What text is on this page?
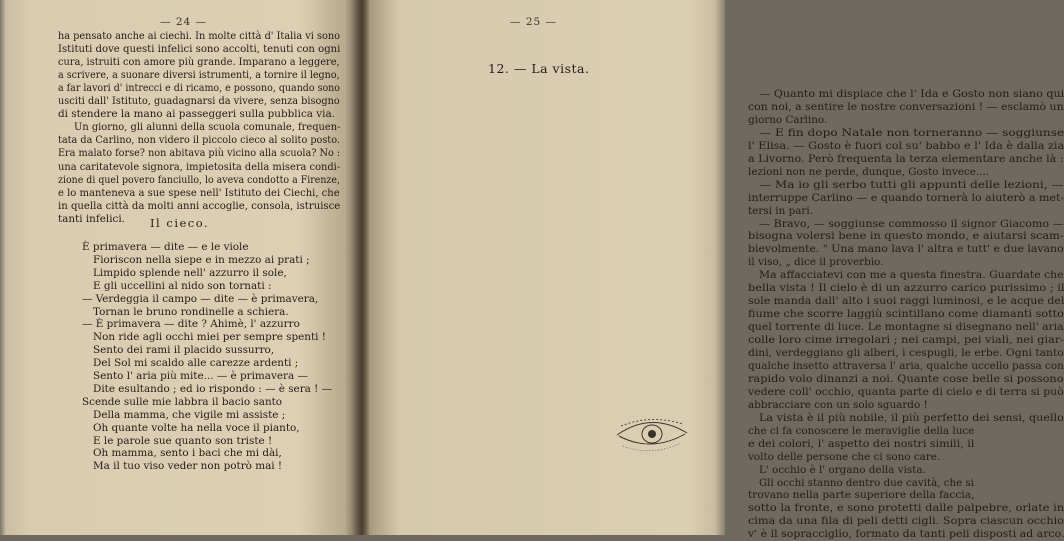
— 24 —
ha pensato anche ai ciechi. In molte città d' Italia vi sono
Istituti dove questi infelici sono accolti, tenuti con ogni
cura, istruiti con amore più grande. Imparano a leggere,
a scrivere, a suonare diversi istrumenti, a tornire il legno,
a far lavori d' intrecci e di ricamo, e possono, quando sono
usciti dall' Istituto, guadagnarsi da vivere, senza bisogno
di stendere la mano ai passeggeri sulla pubblica via.
Un giorno, gli alunni della scuola comunale, frequen-
tata da Carlino, non videro il piccolo cieco al solito posto.
Era malato forse? non abitava più vicino alla scuola? No :
una caritatevole signora, impietosita della misera condi-
zione di quel povero fanciullo, lo aveva condotto a Firenze,
e lo manteneva a sue spese nell' Istituto dei Ciechi, che
in quella città da molti anni accoglie, consola, istruisce
tanti infelici. Il cieco.
È primavera — dite — e le viole
Fioriscon nella siepe e in mezzo ai prati ;
Limpido splende nell' azzurro il sole,
E gli uccellini al nido son tornati :
— Verdeggia il campo — dite — è primavera,
Tornan le bruno rondinelle a schiera.
— È primavera — dite ? Ahimè, l' azzurro
Non ride agli occhi miei per sempre spenti !
Sento dei rami il placido sussurro,
Del Sol mi scaldo alle carezze ardenti ;
Sento l' aria più mite... — è primavera —
Dite esultando ; ed io rispondo : — è sera ! —
Scende sulle mie labbra il bacio santo
Della mamma, che vigile mi assiste ;
Oh quante volte ha nella voce il pianto,
E le parole sue quanto son triste !
Oh mamma, sento i baci che mi dài,
Ma il tuo viso veder non potrò mai !
— 25 —
12. — La vista.
— Quanto mi dispiace che l' Ida e Gosto non siano qui
con noi, a sentire le nostre conversazioni ! — esclamò un
giorno Carlino.
— E fin dopo Natale non torneranno — soggiunse
l' Elisa. — Gosto è fuori col su' babbo e l' Ida è dalla zia
a Livorno. Però frequenta la terza elementare anche là :
lezioni non ne perde, dunque, Gosto invece....
— Ma io gli serbo tutti gli appunti delle lezioni, —
interruppe Carlino — e quando tornerà lo aiuterò a met-
tersi in pari.
— Bravo, — soggiunse commosso il signor Giacomo —
bisogna volersi bene in questo mondo, e aiutarsi scam-
bievolmente. " Una mano lava l' altra e tutt' e due lavano
il viso, „ dice il proverbio.
Ma affacciatevi con me a questa finestra. Guardate che
bella vista ! Il cielo è di un azzurro carico purissimo ; il
sole manda dall' alto i suoi raggi luminosi, e le acque del
fiume che scorre laggiù scintillano come diamanti sotto
quel torrente di luce. Le montagne si disegnano nell' aria
colle loro cime irregolari ; nei campi, pei viali, nei giar-
dini, verdeggiano gli alberi, i cespugli, le erbe. Ogni tanto
qualche insetto attraversa l' aria, qualche uccello passa con
rapido volo dinanzi a noi. Quante cose belle si possono
vedere coll' occhio, quanta parte di cielo e di terra si può
abbracciare con un solo sguardo !
La vista è il più nobile, il più perfetto dei sensi, quello
che ci fa conoscere le meraviglie della luce
e dei colori, l' aspetto dei nostri simili, il
volto delle persone che ci sono care.
L' occhio è l' organo della vista.
Gli occhi stanno dentro due cavità, che si
trovano nella parte superiore della faccia,
sotto la fronte, e sono protetti dalle palpebre, orlate in
cima da una fila di peli detti cigli. Sopra ciascun occhio
v' è il sopracciglio, formato da tanti peli disposti ad arco.
